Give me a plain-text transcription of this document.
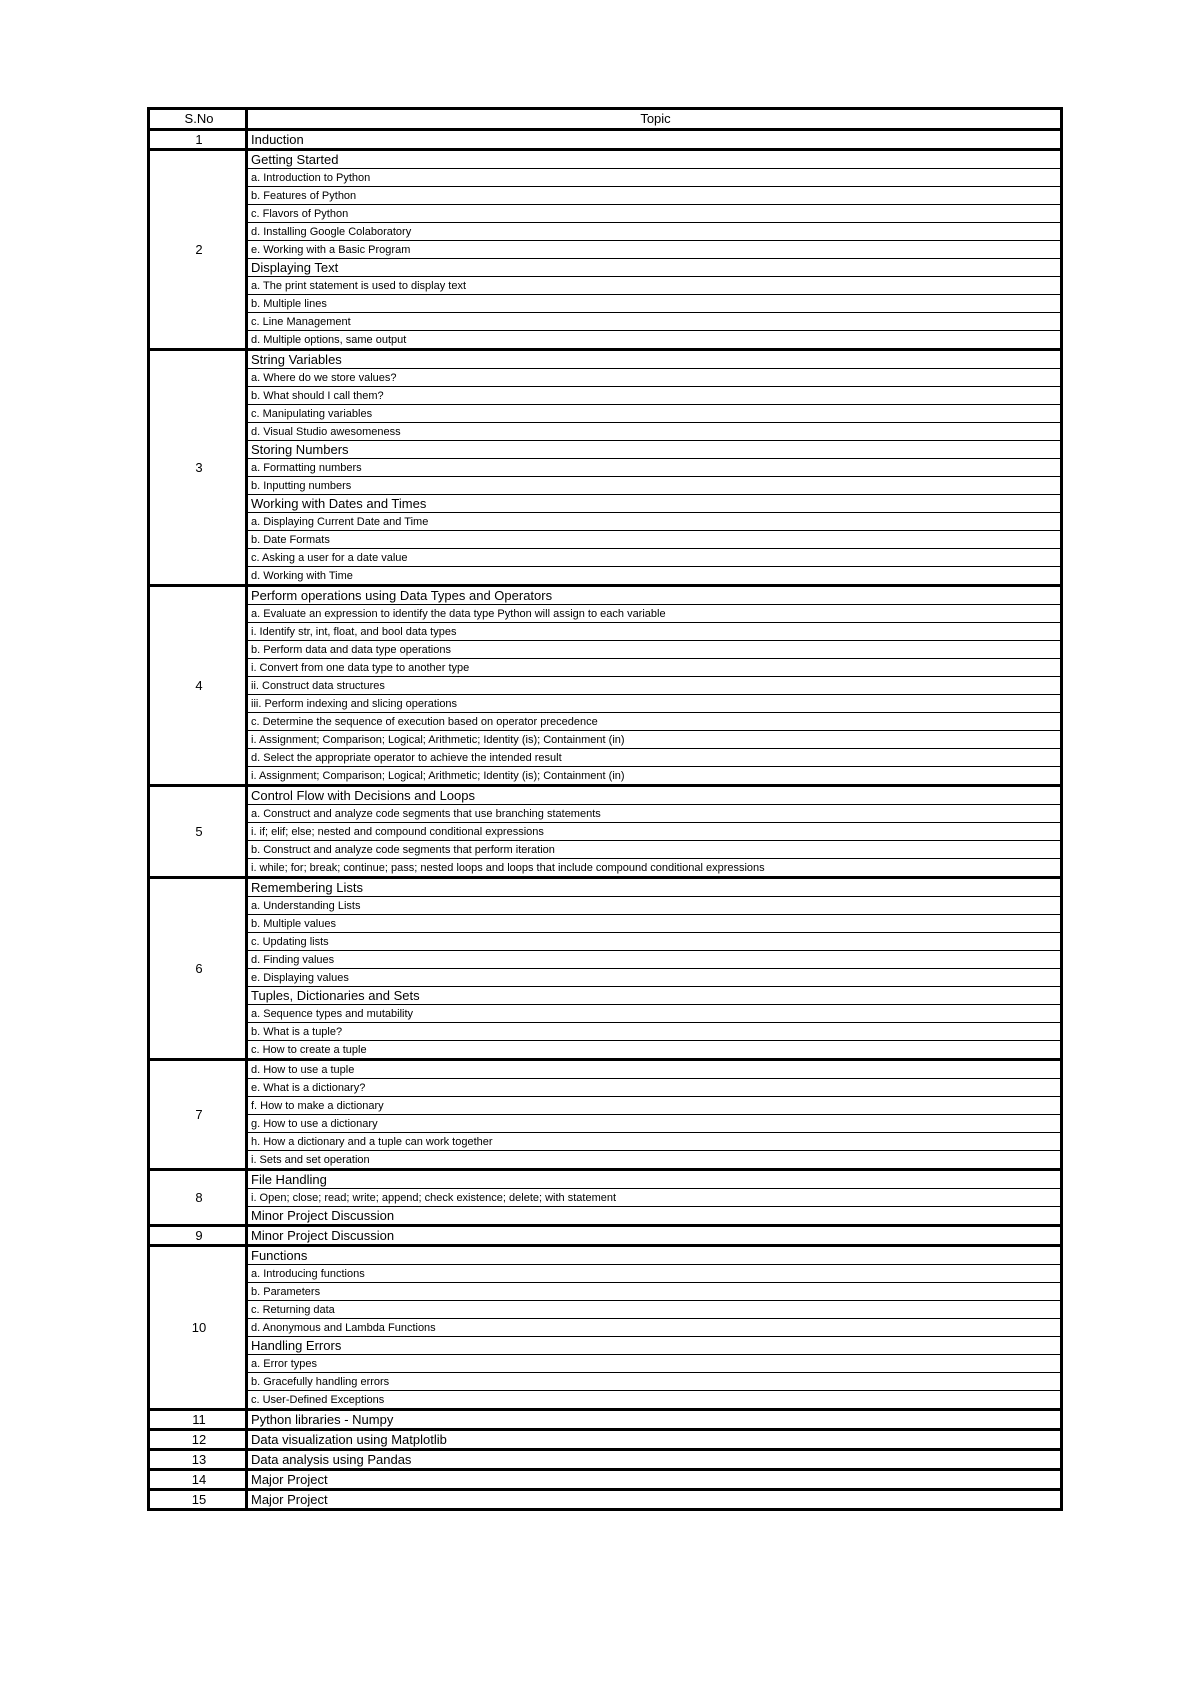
S.No	Topic
1	Induction
2	Getting Started
	a. Introduction to Python
	b. Features of Python
	c. Flavors of Python
	d. Installing Google Colaboratory
	e. Working with a Basic Program
	Displaying Text
	a. The print statement is used to display text
	b. Multiple lines
	c. Line Management
	d. Multiple options, same output
3	String Variables
	a. Where do we store values?
	b. What should I call them?
	c. Manipulating variables
	d. Visual Studio awesomeness
	Storing Numbers
	a. Formatting numbers
	b. Inputting numbers
	Working with Dates and Times
	a. Displaying Current Date and Time
	b. Date Formats
	c. Asking a user for a date value
	d. Working with Time
4	Perform operations using Data Types and Operators
	a. Evaluate an expression to identify the data type Python will assign to each variable
	i. Identify str, int, float, and bool data types
	b. Perform data and data type operations
	i. Convert from one data type to another type
	ii. Construct data structures
	iii. Perform indexing and slicing operations
	c. Determine the sequence of execution based on operator precedence
	i. Assignment; Comparison; Logical; Arithmetic; Identity (is); Containment (in)
	d. Select the appropriate operator to achieve the intended result
	i. Assignment; Comparison; Logical; Arithmetic; Identity (is); Containment (in)
5	Control Flow with Decisions and Loops
	a. Construct and analyze code segments that use branching statements
	i. if; elif; else; nested and compound conditional expressions
	b. Construct and analyze code segments that perform iteration
	i. while; for; break; continue; pass; nested loops and loops that include compound conditional expressions
6	Remembering Lists
	a. Understanding Lists
	b. Multiple values
	c. Updating lists
	d. Finding values
	e. Displaying values
	Tuples, Dictionaries and Sets
	a. Sequence types and mutability
	b. What is a tuple?
	c. How to create a tuple
7	d. How to use a tuple
	e. What is a dictionary?
	f. How to make a dictionary
	g. How to use a dictionary
	h. How a dictionary and a tuple can work together
	i. Sets and set operation
8	File Handling
	i. Open; close; read; write; append; check existence; delete; with statement
	Minor Project Discussion
9	Minor Project Discussion
10	Functions
	a. Introducing functions
	b. Parameters
	c. Returning data
	d. Anonymous and Lambda Functions
	Handling Errors
	a. Error types
	b. Gracefully handling errors
	c. User-Defined Exceptions
11	Python libraries - Numpy
12	Data visualization using Matplotlib
13	Data analysis using Pandas
14	Major Project
15	Major Project
